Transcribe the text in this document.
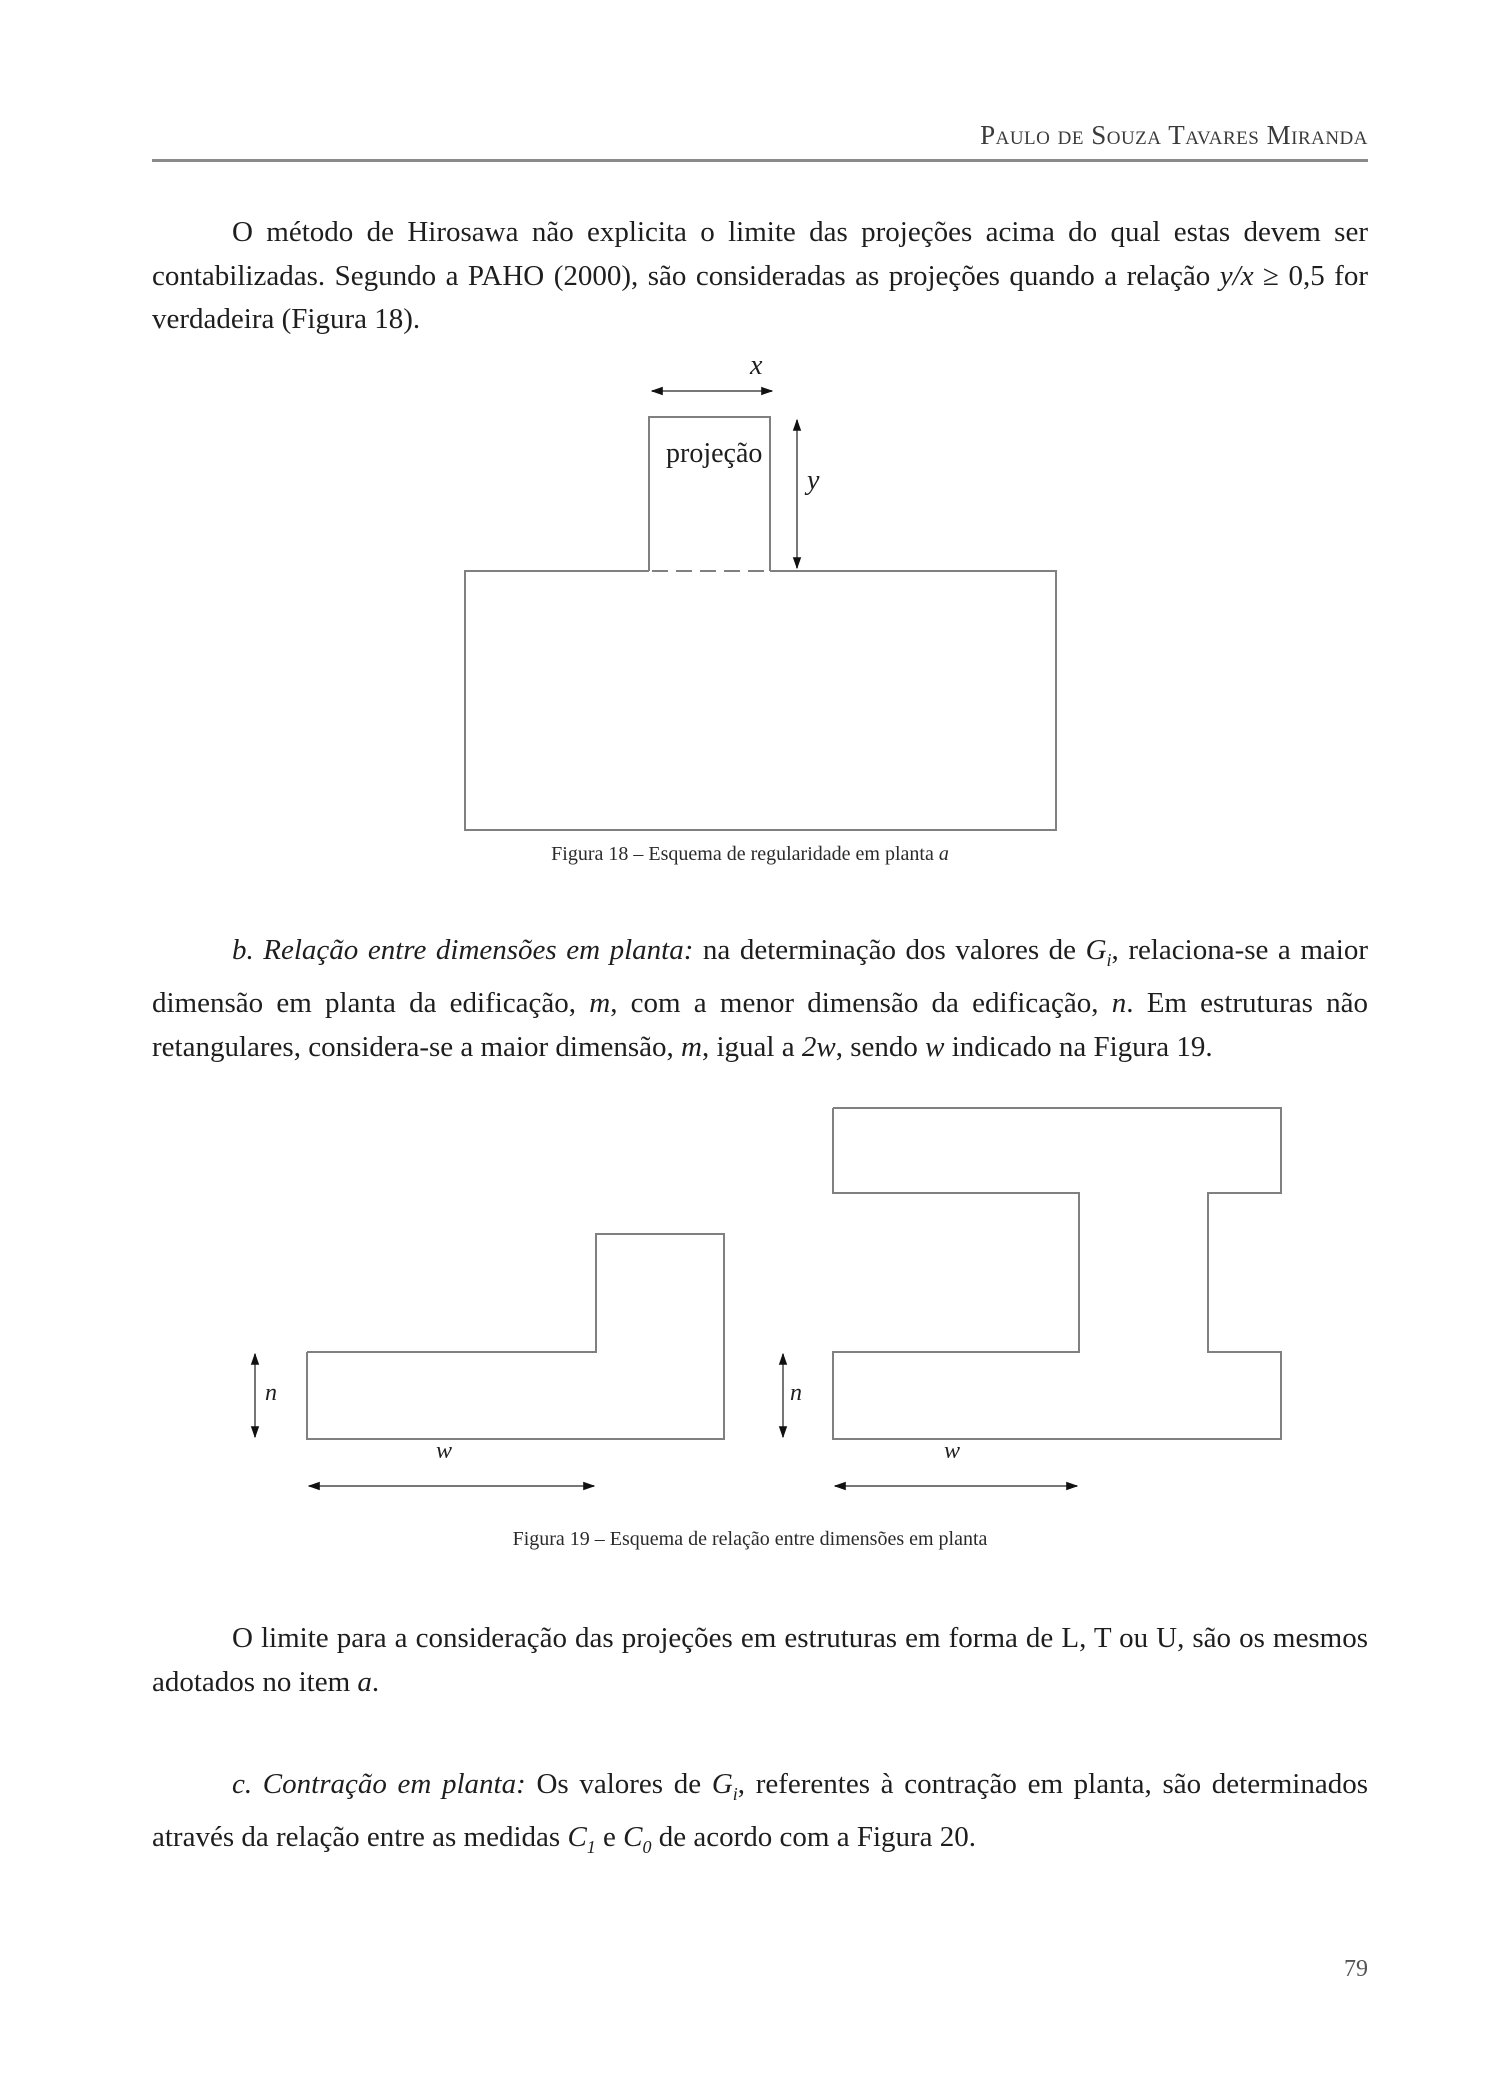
Paulo de Souza Tavares Miranda
O método de Hirosawa não explicita o limite das projeções acima do qual estas devem ser contabilizadas. Segundo a PAHO (2000), são consideradas as projeções quando a relação y/x ≥ 0,5 for verdadeira (Figura 18).
x
projeção
y
Figura 18 – Esquema de regularidade em planta a
b. Relação entre dimensões em planta: na determinação dos valores de $G_i$, relaciona-se a maior dimensão em planta da edificação, m, com a menor dimensão da edificação, n. Em estruturas não retangulares, considera-se a maior dimensão, m, igual a 2w, sendo w indicado na Figura 19.
n
w
n
w
Figura 19 – Esquema de relação entre dimensões em planta
O limite para a consideração das projeções em estruturas em forma de L, T ou U, são os mesmos adotados no item a.
c. Contração em planta: Os valores de $G_i$, referentes à contração em planta, são determinados através da relação entre as medidas $C_1$ e $C_0$ de acordo com a Figura 20.
79
